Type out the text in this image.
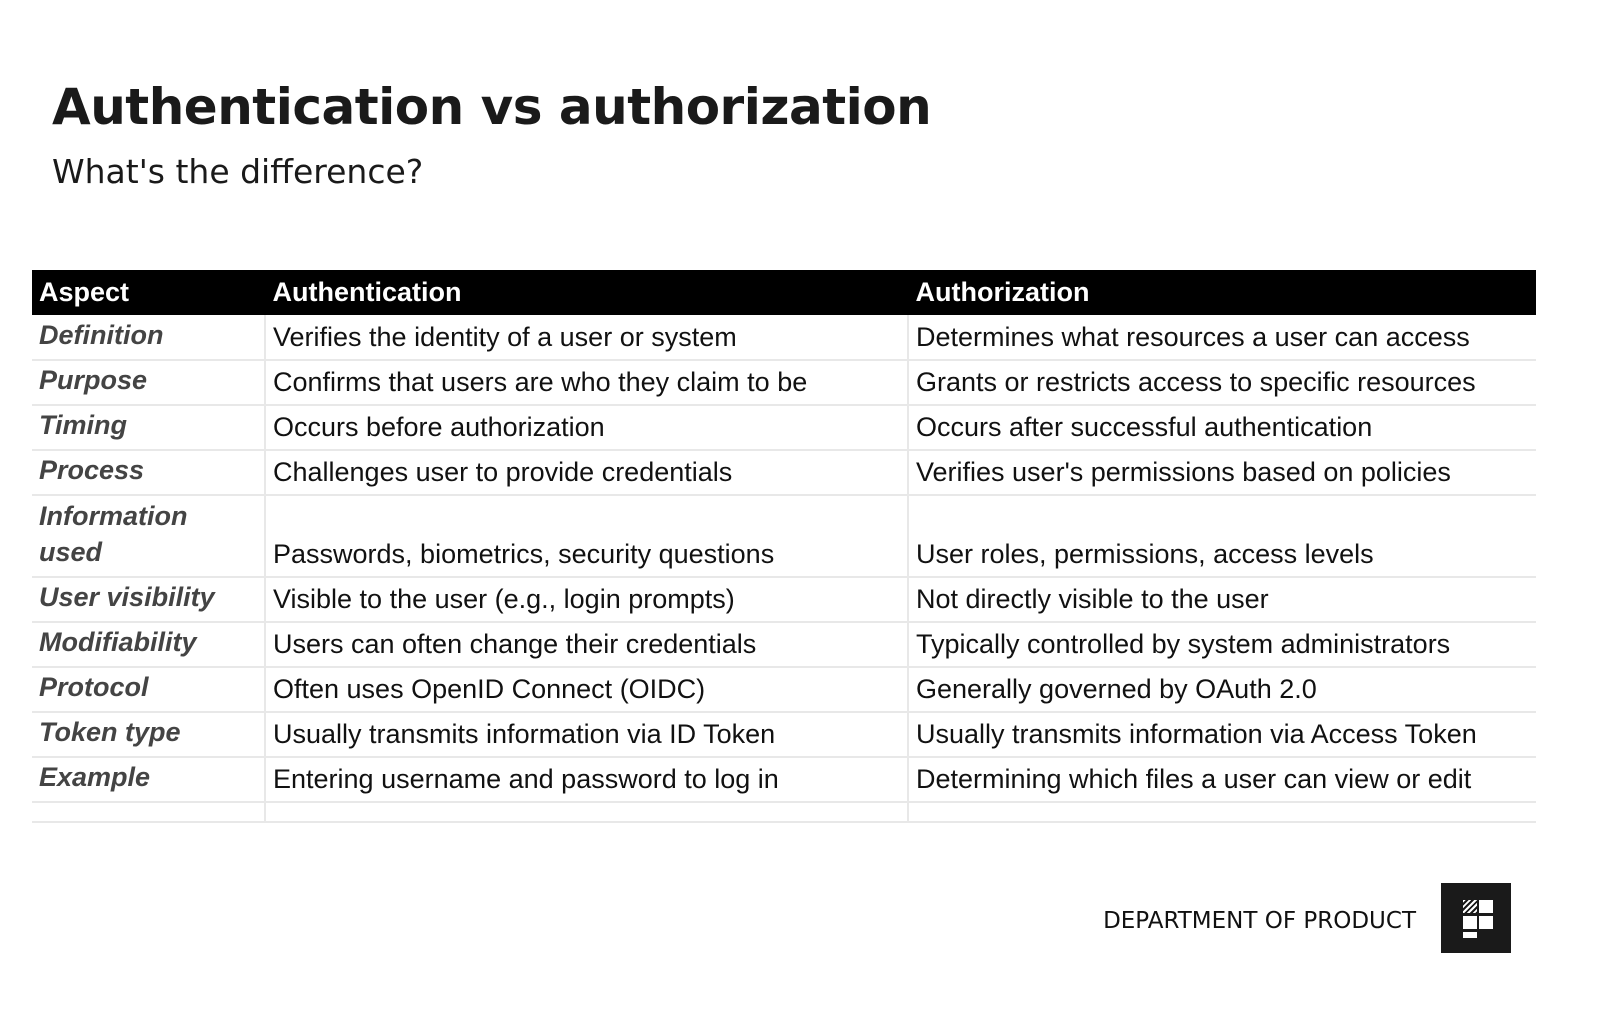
Authentication vs authorization

What's the difference?

Aspect	Authentication	Authorization
Definition	Verifies the identity of a user or system	Determines what resources a user can access
Purpose	Confirms that users are who they claim to be	Grants or restricts access to specific resources
Timing	Occurs before authorization	Occurs after successful authentication
Process	Challenges user to provide credentials	Verifies user's permissions based on policies
Information used	Passwords, biometrics, security questions	User roles, permissions, access levels
User visibility	Visible to the user (e.g., login prompts)	Not directly visible to the user
Modifiability	Users can often change their credentials	Typically controlled by system administrators
Protocol	Often uses OpenID Connect (OIDC)	Generally governed by OAuth 2.0
Token type	Usually transmits information via ID Token	Usually transmits information via Access Token
Example	Entering username and password to log in	Determining which files a user can view or edit

DEPARTMENT OF PRODUCT
